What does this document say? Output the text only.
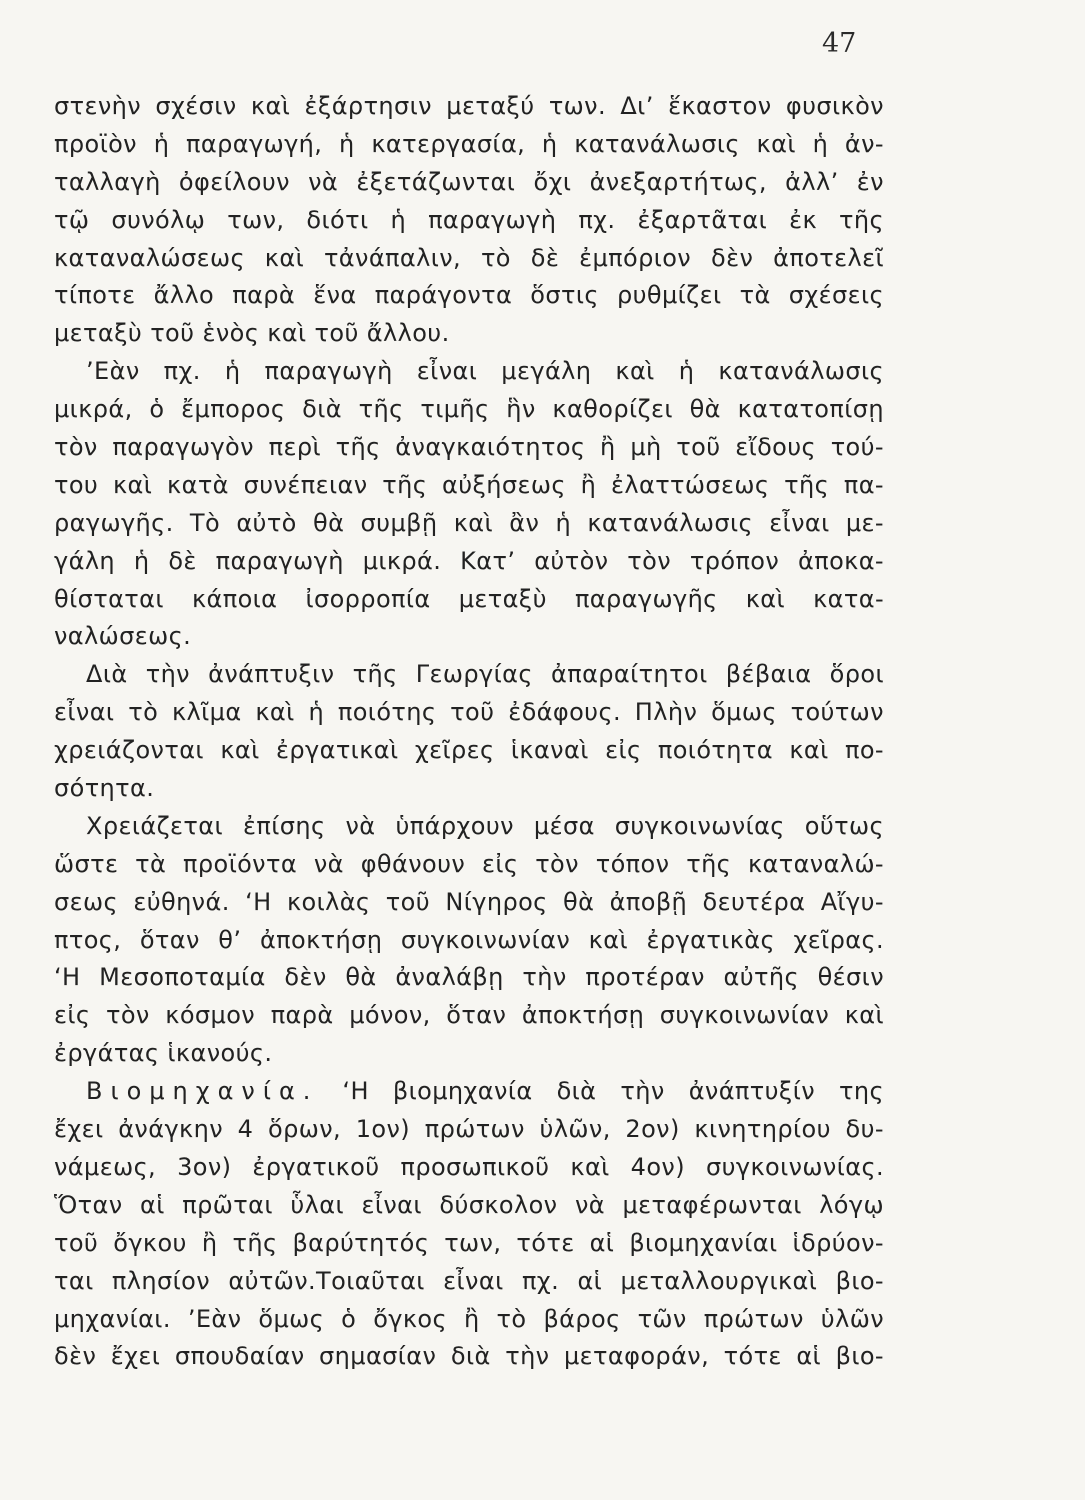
47
στενὴν σχέσιν καὶ ἐξάρτησιν μεταξύ των. Δι’ ἕκαστον φυσικὸν
προϊὸν ἡ παραγωγή, ἡ κατεργασία, ἡ κατανάλωσις καὶ ἡ ἀν-
ταλλαγὴ ὀφείλουν νὰ ἐξετάζωνται ὄχι ἀνεξαρτήτως, ἀλλ’ ἐν
τῷ συνόλῳ των, διότι ἡ παραγωγὴ πχ. ἐξαρτᾶται ἐκ τῆς
καταναλώσεως καὶ τἀνάπαλιν, τὸ δὲ ἐμπόριον δὲν ἀποτελεῖ
τίποτε ἄλλο παρὰ ἕνα παράγοντα ὅστις ρυθμίζει τὰ σχέσεις
μεταξὺ τοῦ ἑνὸς καὶ τοῦ ἄλλου.
’Εὰν πχ. ἡ παραγωγὴ εἶναι μεγάλη καὶ ἡ κατανάλωσις
μικρά, ὁ ἔμπορος διὰ τῆς τιμῆς ἣν καθορίζει θὰ κατατοπίσῃ
τὸν παραγωγὸν περὶ τῆς ἀναγκαιότητος ἢ μὴ τοῦ εἴδους τού-
του καὶ κατὰ συνέπειαν τῆς αὐξήσεως ἢ ἐλαττώσεως τῆς πα-
ραγωγῆς. Τὸ αὐτὸ θὰ συμβῇ καὶ ἂν ἡ κατανάλωσις εἶναι με-
γάλη ἡ δὲ παραγωγὴ μικρά. Κατ’ αὐτὸν τὸν τρόπον ἀποκα-
θίσταται κάποια ἰσορροπία μεταξὺ παραγωγῆς καὶ κατα-
ναλώσεως.
Διὰ τὴν ἀνάπτυξιν τῆς Γεωργίας ἀπαραίτητοι βέβαια ὅροι
εἶναι τὸ κλῖμα καὶ ἡ ποιότης τοῦ ἐδάφους. Πλὴν ὅμως τούτων
χρειάζονται καὶ ἐργατικαὶ χεῖρες ἱκαναὶ εἰς ποιότητα καὶ πο-
σότητα.
Χρειάζεται ἐπίσης νὰ ὑπάρχουν μέσα συγκοινωνίας οὕτως
ὥστε τὰ προϊόντα νὰ φθάνουν εἰς τὸν τόπον τῆς καταναλώ-
σεως εὐθηνά. ‘Η κοιλὰς τοῦ Νίγηρος θὰ ἀποβῇ δευτέρα Αἴγυ-
πτος, ὅταν θ’ ἀποκτήσῃ συγκοινωνίαν καὶ ἐργατικὰς χεῖρας.
‘Η Μεσοποταμία δὲν θὰ ἀναλάβῃ τὴν προτέραν αὐτῆς θέσιν
εἰς τὸν κόσμον παρὰ μόνον, ὅταν ἀποκτήσῃ συγκοινωνίαν καὶ
ἐργάτας ἱκανούς.
Βιομηχανία. ‘Η βιομηχανία διὰ τὴν ἀνάπτυξίν της
ἔχει ἀνάγκην 4 ὅρων, 1ον) πρώτων ὑλῶν, 2ον) κινητηρίου δυ-
νάμεως, 3ον) ἐργατικοῦ προσωπικοῦ καὶ 4ον) συγκοινωνίας.
Ὅταν αἱ πρῶται ὗλαι εἶναι δύσκολον νὰ μεταφέρωνται λόγῳ
τοῦ ὄγκου ἢ τῆς βαρύτητός των, τότε αἱ βιομηχανίαι ἱδρύον-
ται πλησίον αὐτῶν.Τοιαῦται εἶναι πχ. αἱ μεταλλουργικαὶ βιο-
μηχανίαι. ’Εὰν ὅμως ὁ ὄγκος ἢ τὸ βάρος τῶν πρώτων ὑλῶν
δὲν ἔχει σπουδαίαν σημασίαν διὰ τὴν μεταφοράν, τότε αἱ βιο-
